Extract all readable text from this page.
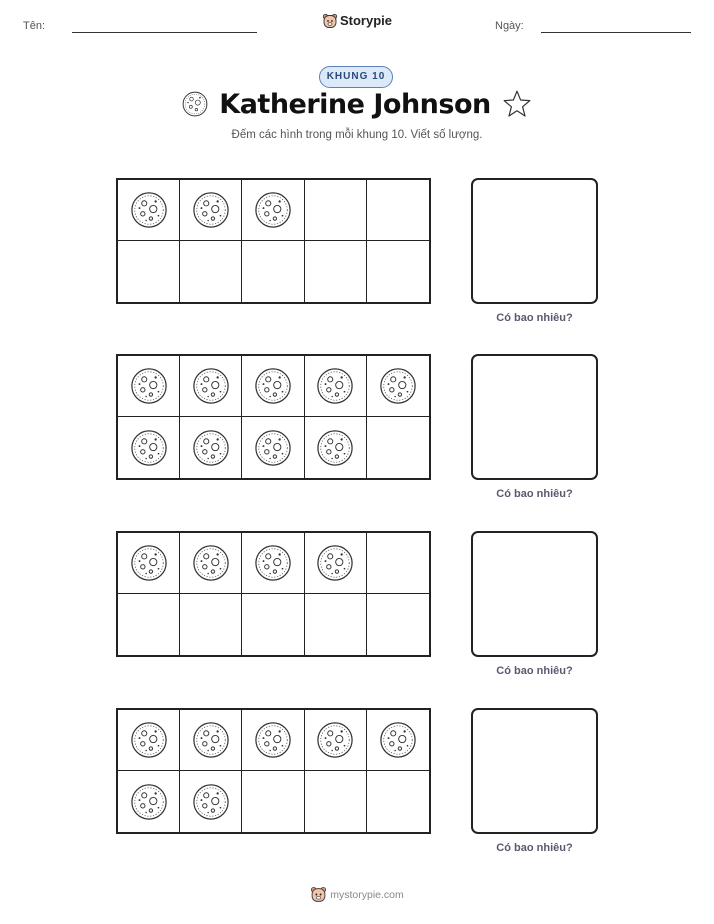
Tên:	Storypie	Ngày:
KHUNG 10
Katherine Johnson
Đếm các hình trong mỗi khung 10. Viết số lượng.
Có bao nhiêu?
Có bao nhiêu?
Có bao nhiêu?
Có bao nhiêu?
mystorypie.com
